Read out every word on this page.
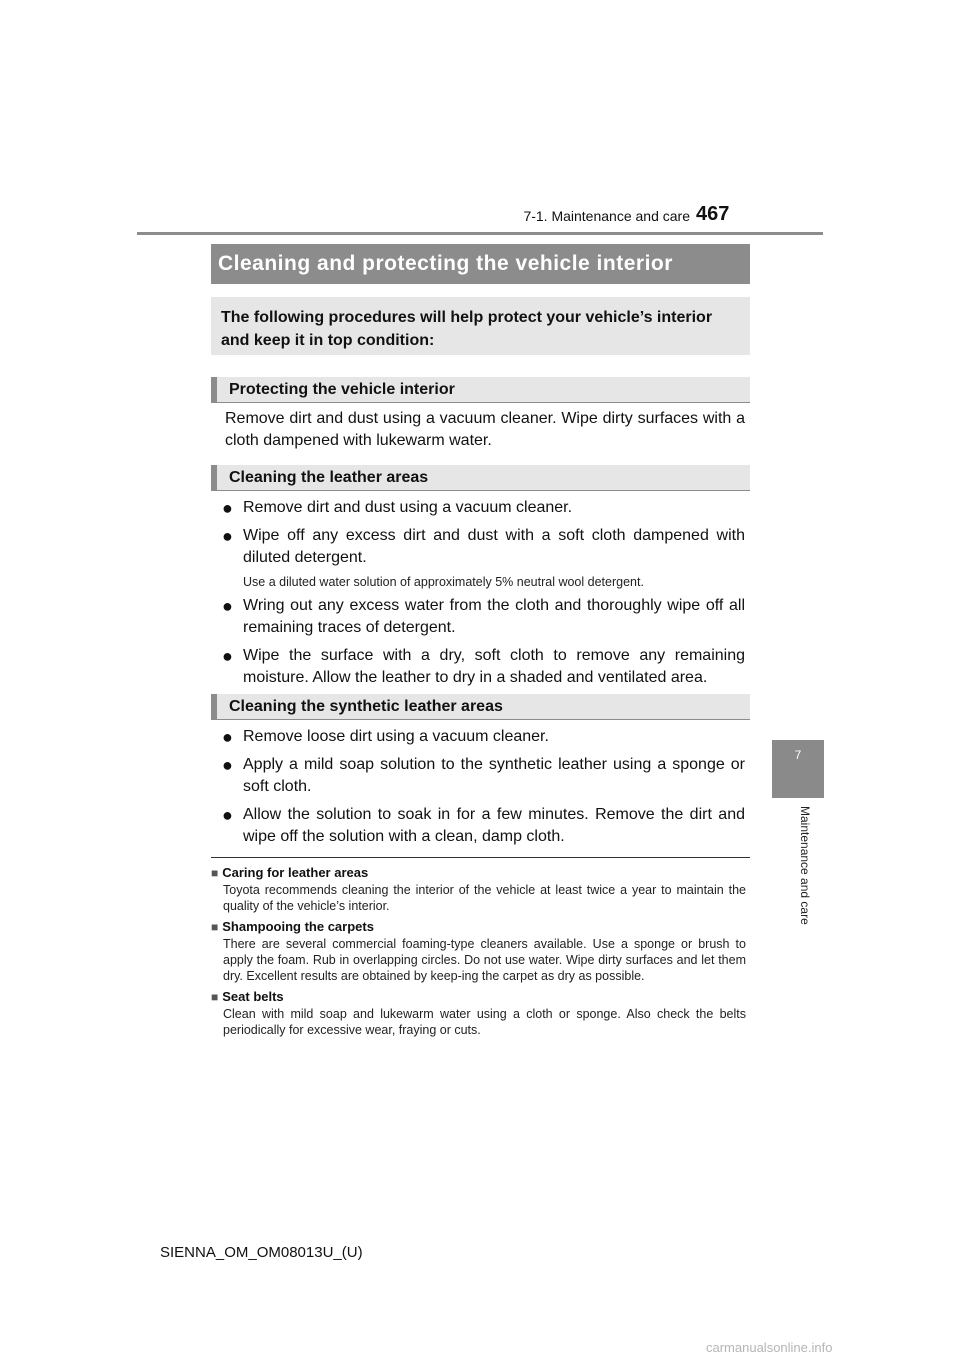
7-1. Maintenance and care 467
7
Maintenance and care
Cleaning and protecting the vehicle interior
The following procedures will help protect your vehicle’s interior and keep it in top condition:
Protecting the vehicle interior
Remove dirt and dust using a vacuum cleaner. Wipe dirty surfaces with a cloth dampened with lukewarm water.
Cleaning the leather areas
● Remove dirt and dust using a vacuum cleaner.
● Wipe off any excess dirt and dust with a soft cloth dampened with diluted detergent.
Use a diluted water solution of approximately 5% neutral wool detergent.
● Wring out any excess water from the cloth and thoroughly wipe off all remaining traces of detergent.
● Wipe the surface with a dry, soft cloth to remove any remaining moisture. Allow the leather to dry in a shaded and ventilated area.
Cleaning the synthetic leather areas
● Remove loose dirt using a vacuum cleaner.
● Apply a mild soap solution to the synthetic leather using a sponge or soft cloth.
● Allow the solution to soak in for a few minutes. Remove the dirt and wipe off the solution with a clean, damp cloth.
■ Caring for leather areas
Toyota recommends cleaning the interior of the vehicle at least twice a year to maintain the quality of the vehicle’s interior.
■ Shampooing the carpets
There are several commercial foaming-type cleaners available. Use a sponge or brush to apply the foam. Rub in overlapping circles. Do not use water. Wipe dirty surfaces and let them dry. Excellent results are obtained by keep-ing the carpet as dry as possible.
■ Seat belts
Clean with mild soap and lukewarm water using a cloth or sponge. Also check the belts periodically for excessive wear, fraying or cuts.
SIENNA_OM_OM08013U_(U)
carmanualsonline.info
